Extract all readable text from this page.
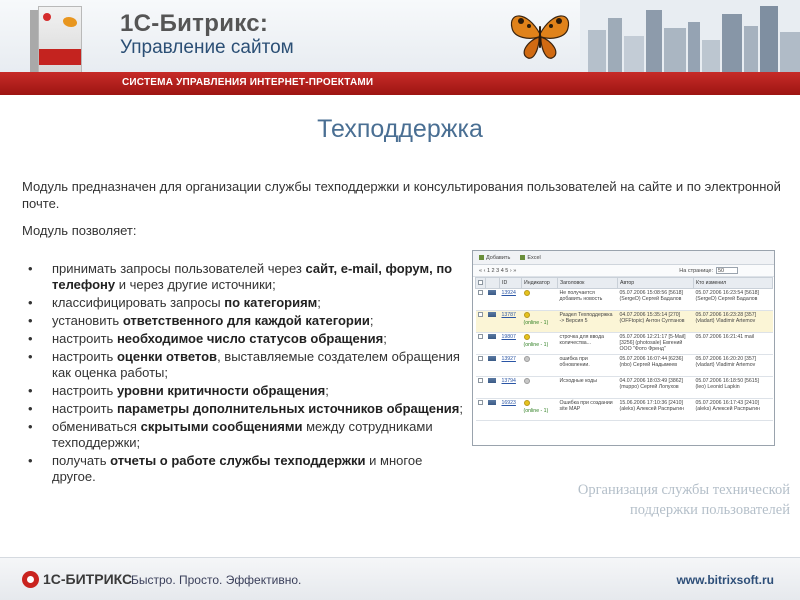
1С-Битрикс:
Управление сайтом
СИСТЕМА УПРАВЛЕНИЯ ИНТЕРНЕТ-ПРОЕКТАМИ
Техподдержка
Модуль предназначен для организации службы техподдержки и консультирования пользователей на сайте и по электронной почте.
Модуль позволяет:
• принимать запросы пользователей через сайт, e-mail, форум, по телефону и через другие источники;
• классифицировать запросы по категориям;
• установить ответственного для каждой категории;
• настроить необходимое число статусов обращения;
• настроить оценки ответов, выставляемые создателем обращения как оценка работы;
• настроить уровни критичности обращения;
• настроить параметры дополнительных источников обращения;
• обмениваться скрытыми сообщениями между сотрудниками техподдержки;
• получать отчеты о работе службы техподдержки и многое другое.
Добавить	Excel
« ‹ 1 2 3 4 5 › »	На странице: 50
		ID	Индикатор	Заголовок	Автор	Кто изменил
		13924		Не получается добавить новость	05.07.2006 15:08:56 [5618] (SergeD) Сергей Бадалов	05.07.2006 16:23:54 [5618] (SergeD) Сергей Бадалов
		13787	(online - 1)	Раздел Техподдержка -> Версия 5	04.07.2006 15:35:14 [270] (OFFtopic) Антон Султанов	05.07.2006 16:23:28 [357] (vladart) Vladimir Artemov
		19807	(online - 1)	строчка для ввода количества...	05.07.2006 12:21:17 [5-Mail] [3256] (photosale) Евгений ООО "Фото Френд"	05.07.2006 16:21:41 mail
		13927		ошибка при обновлении.	05.07.2006 16:07:44 [6236] (nbo) Сергей Надымеев	05.07.2006 16:20:20 [357] (vladart) Vladimir Artemov
		13794		Исходные коды	04.07.2006 18:03:49 [3862] (muppo) Сергей Лопухов	05.07.2006 16:18:50 [5615] (leo) Leonid Lapkin
		16923	(online - 1)	Ошибка при создании site MAP	15.06.2006 17:10:36 [2410] (aleks) Алексей Распрыгин	05.07.2006 16:17:43 [2410] (aleks) Алексей Распрыгин
Организация службы технической
поддержки пользователей
1С-БИТРИКС
Быстро. Просто. Эффективно.	www.bitrixsoft.ru
